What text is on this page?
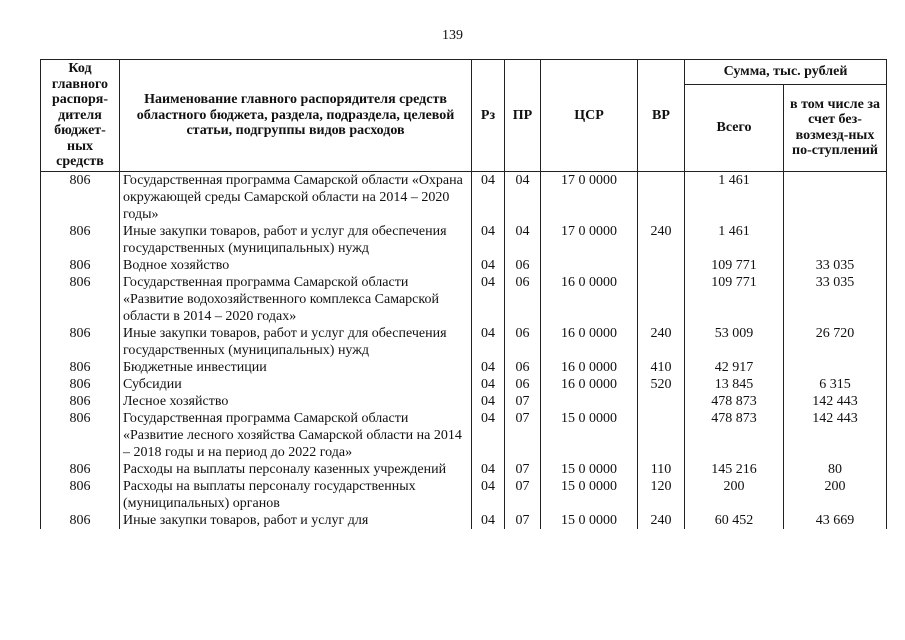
139
Код главного распоря-дителя бюджет-ных средств	Наименование главного распорядителя средств областного бюджета, раздела, подраздела, целевой статьи, подгруппы видов расходов	Рз	ПР	ЦСР	ВР	Сумма, тыс. рублей	
						Всего	в том числе за счет без-возмезд-ных по-ступлений
806	Государственная программа Самарской области «Охрана окружающей среды Самарской области на 2014 – 2020 годы»	04	04	17 0 0000		1 461	
806	Иные закупки товаров, работ и услуг для обеспечения государственных (муниципальных) нужд	04	04	17 0 0000	240	1 461	
806	Водное хозяйство	04	06			109 771	33 035
806	Государственная программа Самарской области «Развитие водохозяйственного комплекса Самарской области в 2014 – 2020 годах»	04	06	16 0 0000		109 771	33 035
806	Иные закупки товаров, работ и услуг для обеспечения государственных (муниципальных) нужд	04	06	16 0 0000	240	53 009	26 720
806	Бюджетные инвестиции	04	06	16 0 0000	410	42 917	
806	Субсидии	04	06	16 0 0000	520	13 845	6 315
806	Лесное хозяйство	04	07			478 873	142 443
806	Государственная программа Самарской области «Развитие лесного хозяйства Самарской области на 2014 – 2018 годы и на период до 2022 года»	04	07	15 0 0000		478 873	142 443
806	Расходы на выплаты персоналу казенных учреждений	04	07	15 0 0000	110	145 216	80
806	Расходы на выплаты персоналу государственных (муниципальных) органов	04	07	15 0 0000	120	200	200
806	Иные закупки товаров, работ и услуг для	04	07	15 0 0000	240	60 452	43 669
